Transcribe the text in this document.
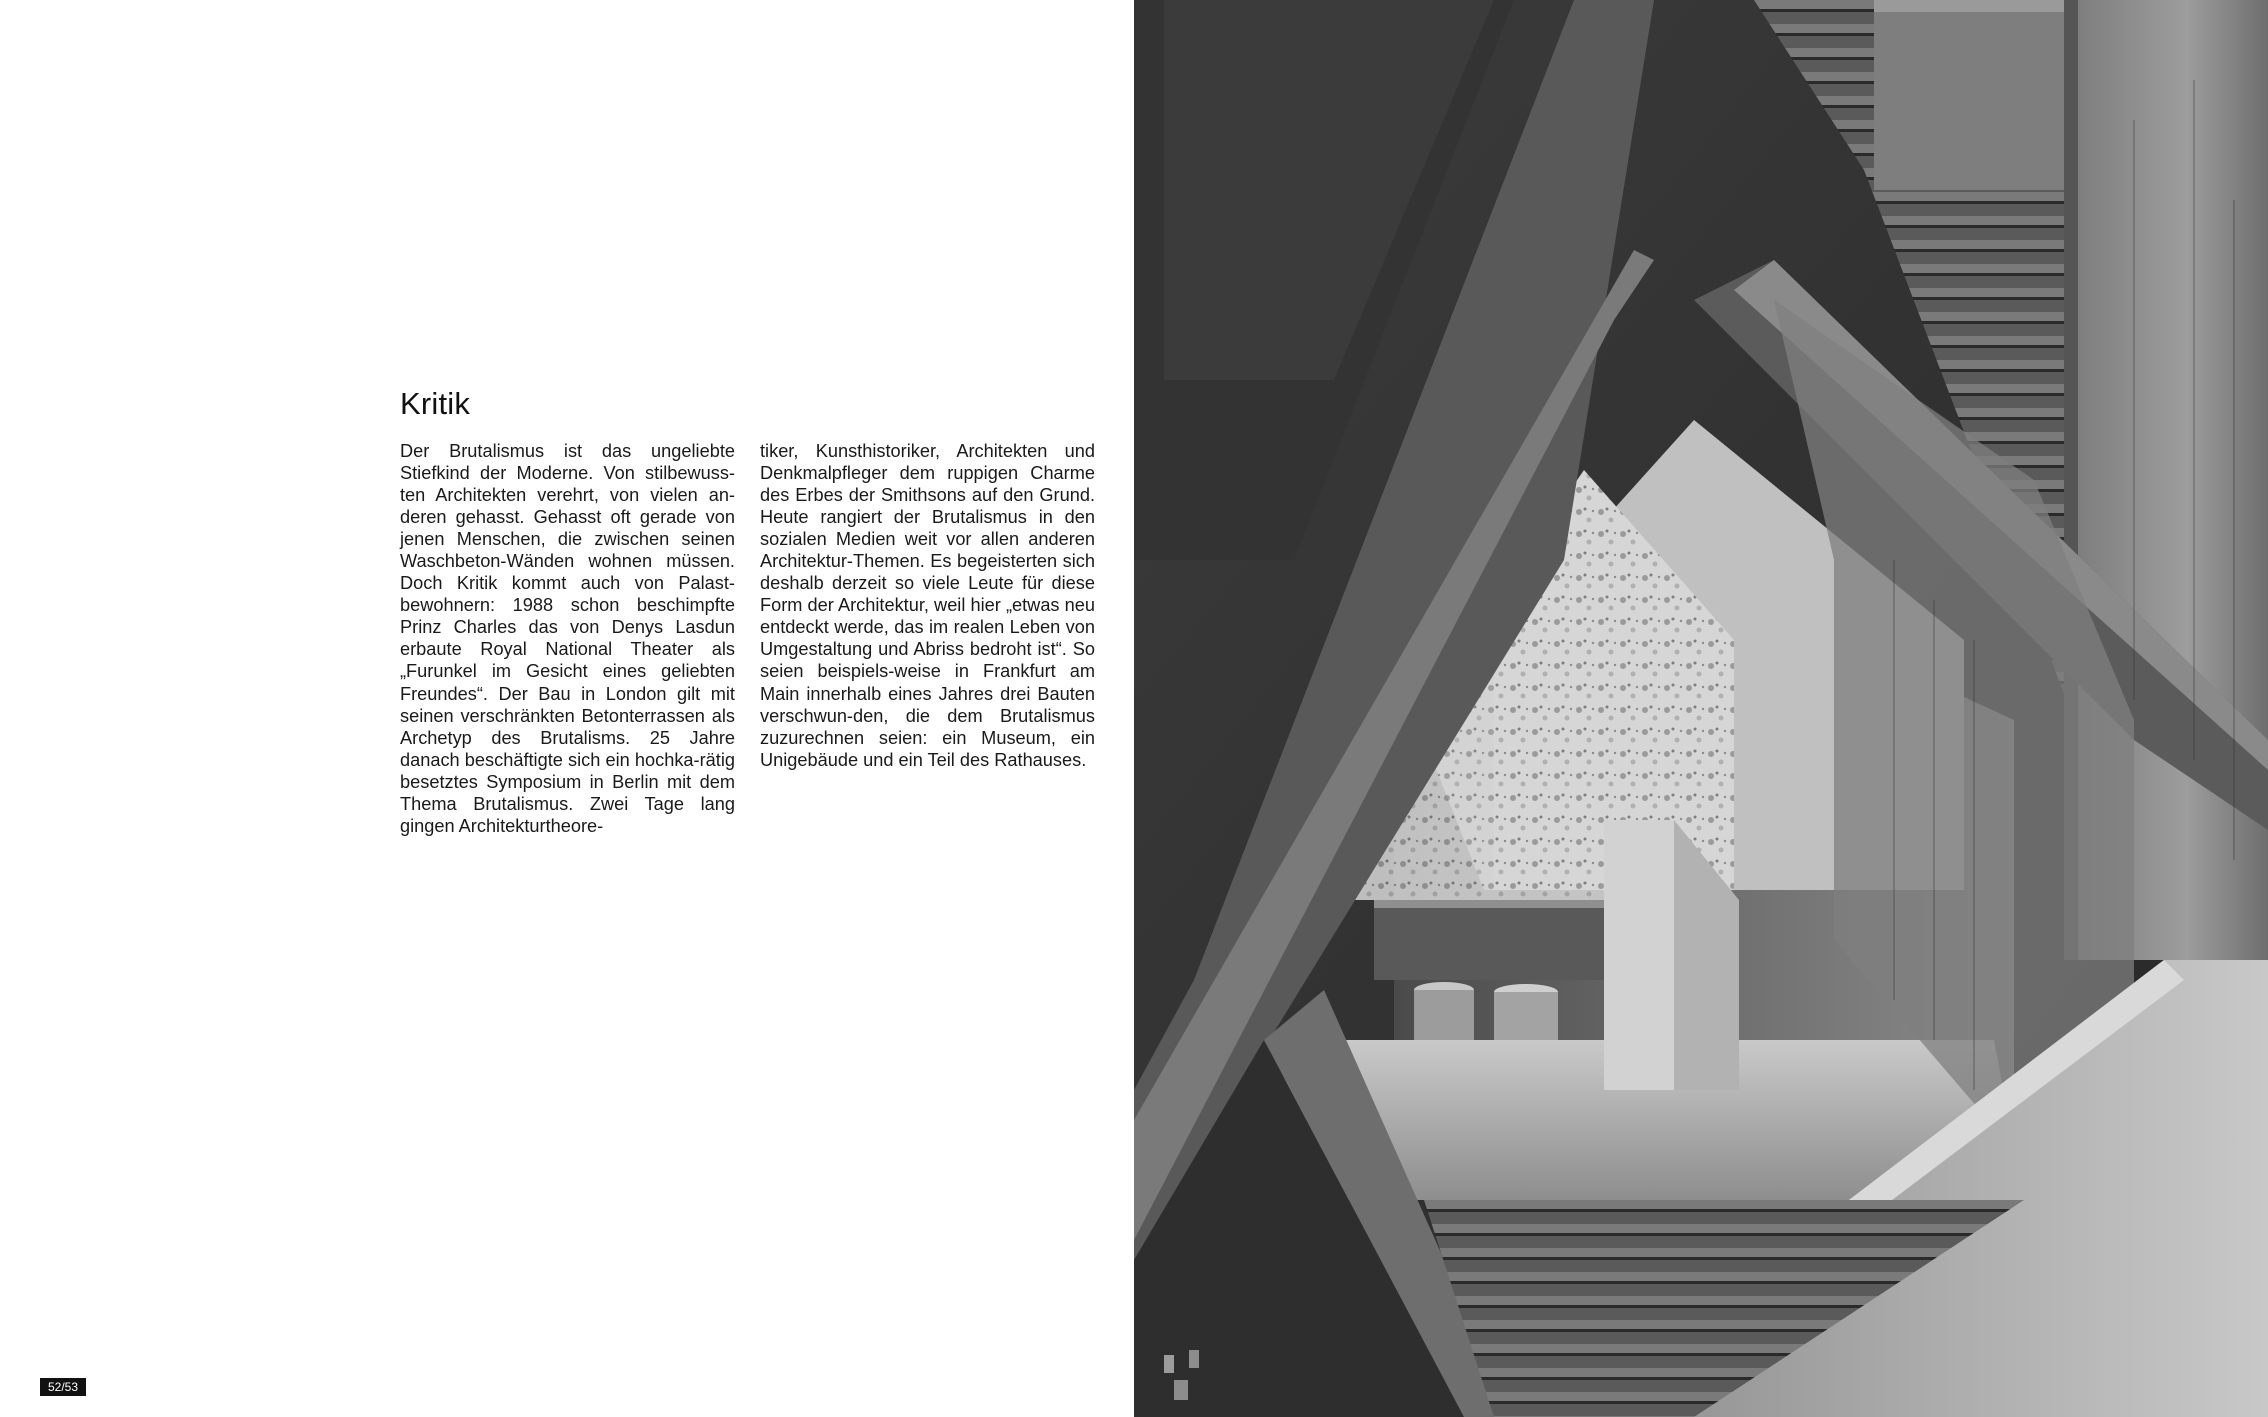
Kritik

Der Brutalismus ist das ungeliebte Stiefkind der Moderne. Von stilbewuss-ten Architekten verehrt, von vielen an-deren gehasst. Gehasst oft gerade von jenen Menschen, die zwischen seinen Waschbeton-Wänden wohnen müssen. Doch Kritik kommt auch von Palast-bewohnern: 1988 schon beschimpfte Prinz Charles das von Denys Lasdun erbaute Royal National Theater als „Furunkel im Gesicht eines geliebten Freundes“. Der Bau in London gilt mit seinen verschränkten Betonterrassen als Archetyp des Brutalisms. 25 Jahre danach beschäftigte sich ein hochka-rätig besetztes Symposium in Berlin mit dem Thema Brutalismus. Zwei Tage lang gingen Architekturtheore-

tiker, Kunsthistoriker, Architekten und Denkmalpfleger dem ruppigen Charme des Erbes der Smithsons auf den Grund. Heute rangiert der Brutalismus in den sozialen Medien weit vor allen anderen Architektur-Themen. Es begeisterten sich deshalb derzeit so viele Leute für diese Form der Architektur, weil hier „etwas neu entdeckt werde, das im realen Leben von Umgestaltung und Abriss bedroht ist“. So seien beispiels-weise in Frankfurt am Main innerhalb eines Jahres drei Bauten verschwun-den, die dem Brutalismus zuzurechnen seien: ein Museum, ein Unigebäude und ein Teil des Rathauses.

52/53
